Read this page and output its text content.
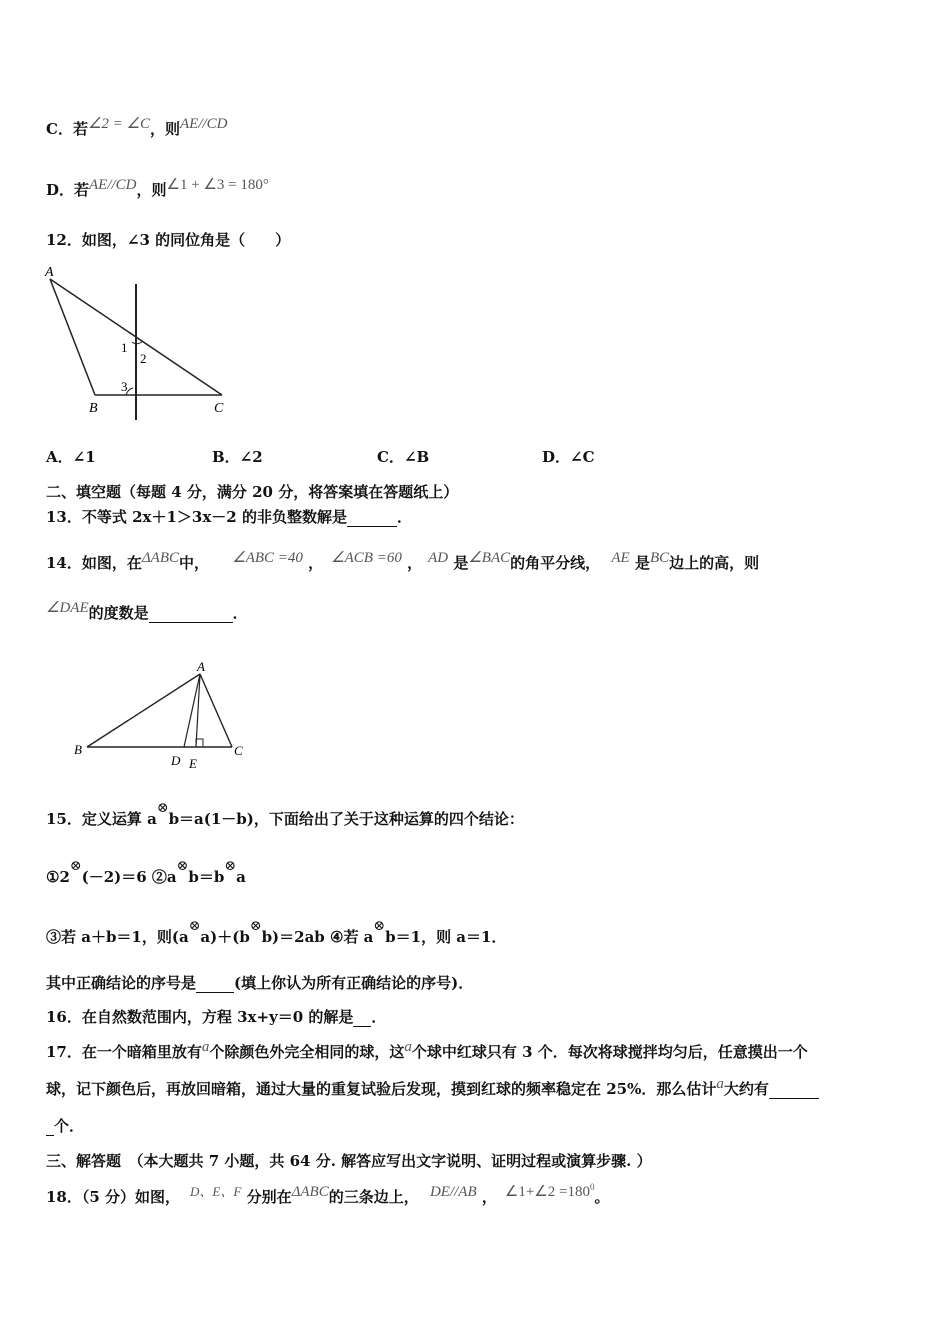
C．若∠2 = ∠C，则AE//CD
D．若AE//CD，则∠1 + ∠3 = 180°
12．如图，∠3 的同位角是（　　）
A
B	C
1
2
3
A．∠1	B．∠2	C．∠B	D．∠C
二、填空题（每题 4 分，满分 20 分，将答案填在答题纸上）
13．不等式 2x＋1＞3x－2 的非负整数解是	．
14．如图，在ΔABC中， ∠ABC =40 ， ∠ACB =60 ， AD 是∠BAC的角平分线， AE 是BC边上的高，则
∠DAE的度数是	．
A
B	C
D E
15．定义运算 a⊗b＝a(1－b)，下面给出了关于这种运算的四个结论：
①2⊗(－2)＝6 ②a⊗b＝b⊗a
③若 a＋b＝1，则(a⊗a)＋(b⊗b)＝2ab ④若 a⊗b＝1，则 a＝1．
其中正确结论的序号是	(填上你认为所有正确结论的序号)．
16．在自然数范围内，方程 3x+y＝0 的解是 ．
17．在一个暗箱里放有a个除颜色外完全相同的球，这a个球中红球只有 3 个．每次将球搅拌均匀后，任意摸出一个
球，记下颜色后，再放回暗箱，通过大量的重复试验后发现，摸到红球的频率稳定在 25%．那么估计a大约有
个．
三、解答题　（本大题共 7 小题，共 64 分. 解答应写出文字说明、证明过程或演算步骤. ）
18．（5 分）如图， D、E、F 分别在ΔABC的三条边上， DE//AB ， ∠1+∠2 $=180^0$。
